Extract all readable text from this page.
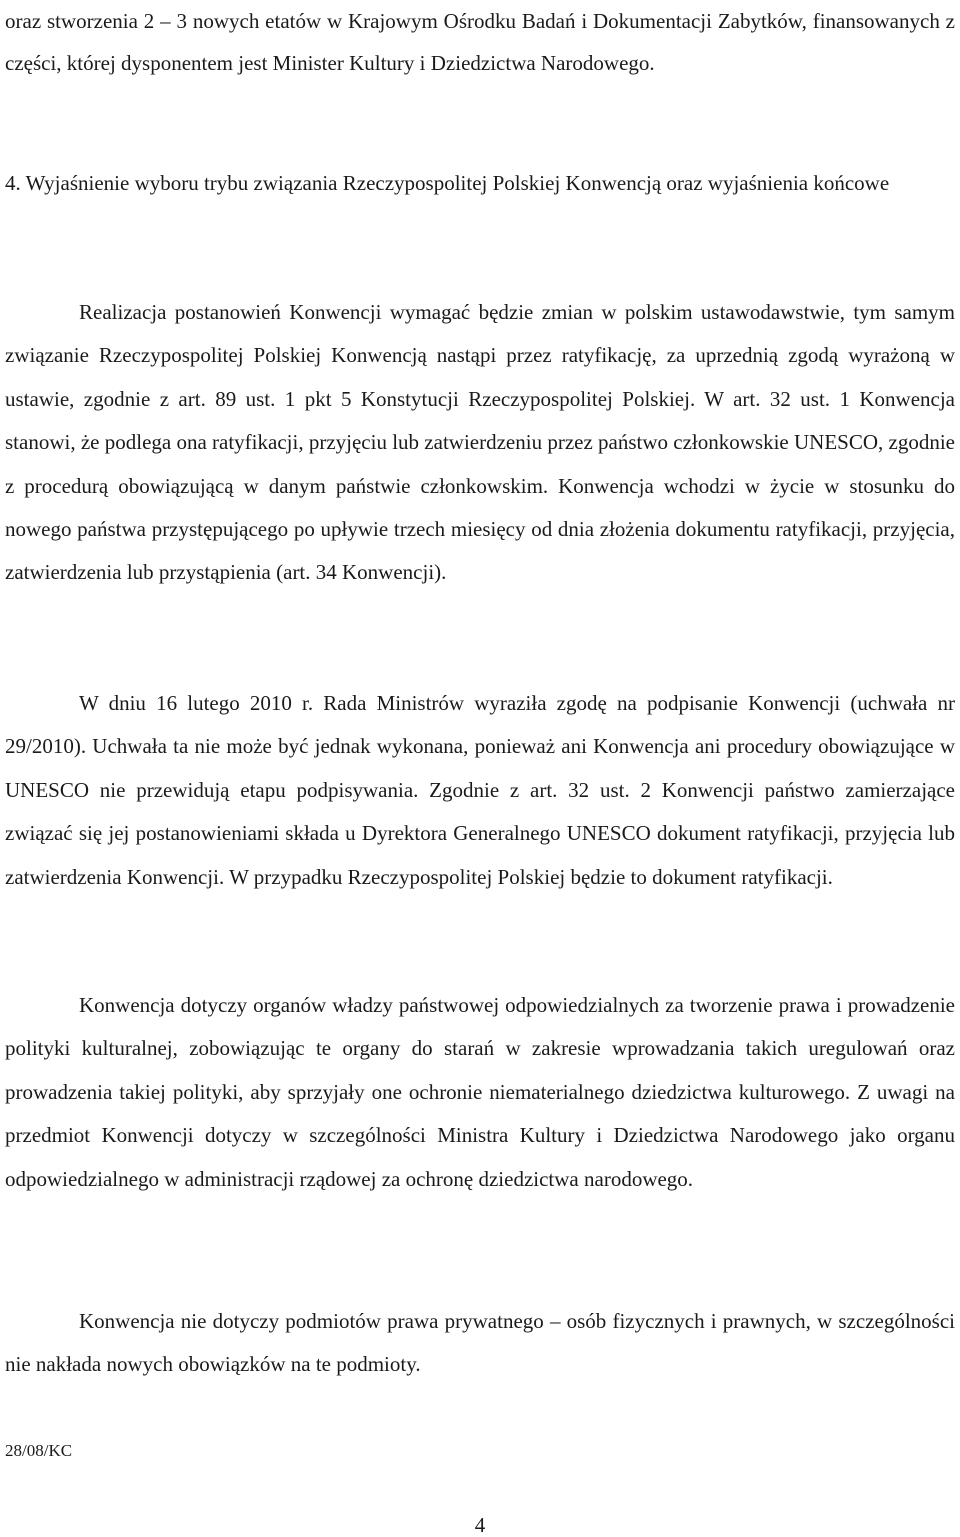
oraz stworzenia 2 – 3 nowych etatów w Krajowym Ośrodku Badań i Dokumentacji Zabytków, finansowanych z części, której dysponentem jest Minister Kultury i Dziedzictwa Narodowego.

4. Wyjaśnienie wyboru trybu związania Rzeczypospolitej Polskiej Konwencją oraz wyjaśnienia końcowe

Realizacja postanowień Konwencji wymagać będzie zmian w polskim ustawodawstwie, tym samym związanie Rzeczypospolitej Polskiej Konwencją nastąpi przez ratyfikację, za uprzednią zgodą wyrażoną w ustawie, zgodnie z art. 89 ust. 1 pkt 5 Konstytucji Rzeczypospolitej Polskiej. W art. 32 ust. 1 Konwencja stanowi, że podlega ona ratyfikacji, przyjęciu lub zatwierdzeniu przez państwo członkowskie UNESCO, zgodnie z procedurą obowiązującą w danym państwie członkowskim. Konwencja wchodzi w życie w stosunku do nowego państwa przystępującego po upływie trzech miesięcy od dnia złożenia dokumentu ratyfikacji, przyjęcia, zatwierdzenia lub przystąpienia (art. 34 Konwencji).

W dniu 16 lutego 2010 r. Rada Ministrów wyraziła zgodę na podpisanie Konwencji (uchwała nr 29/2010). Uchwała ta nie może być jednak wykonana, ponieważ ani Konwencja ani procedury obowiązujące w UNESCO nie przewidują etapu podpisywania. Zgodnie z art. 32 ust. 2 Konwencji państwo zamierzające związać się jej postanowieniami składa u Dyrektora Generalnego UNESCO dokument ratyfikacji, przyjęcia lub zatwierdzenia Konwencji. W przypadku Rzeczypospolitej Polskiej będzie to dokument ratyfikacji.

Konwencja dotyczy organów władzy państwowej odpowiedzialnych za tworzenie prawa i prowadzenie polityki kulturalnej, zobowiązując te organy do starań w zakresie wprowadzania takich uregulowań oraz prowadzenia takiej polityki, aby sprzyjały one ochronie niematerialnego dziedzictwa kulturowego. Z uwagi na przedmiot Konwencji dotyczy w szczególności Ministra Kultury i Dziedzictwa Narodowego jako organu odpowiedzialnego w administracji rządowej za ochronę dziedzictwa narodowego.

Konwencja nie dotyczy podmiotów prawa prywatnego – osób fizycznych i prawnych, w szczególności nie nakłada nowych obowiązków na te podmioty.

28/08/KC

4
